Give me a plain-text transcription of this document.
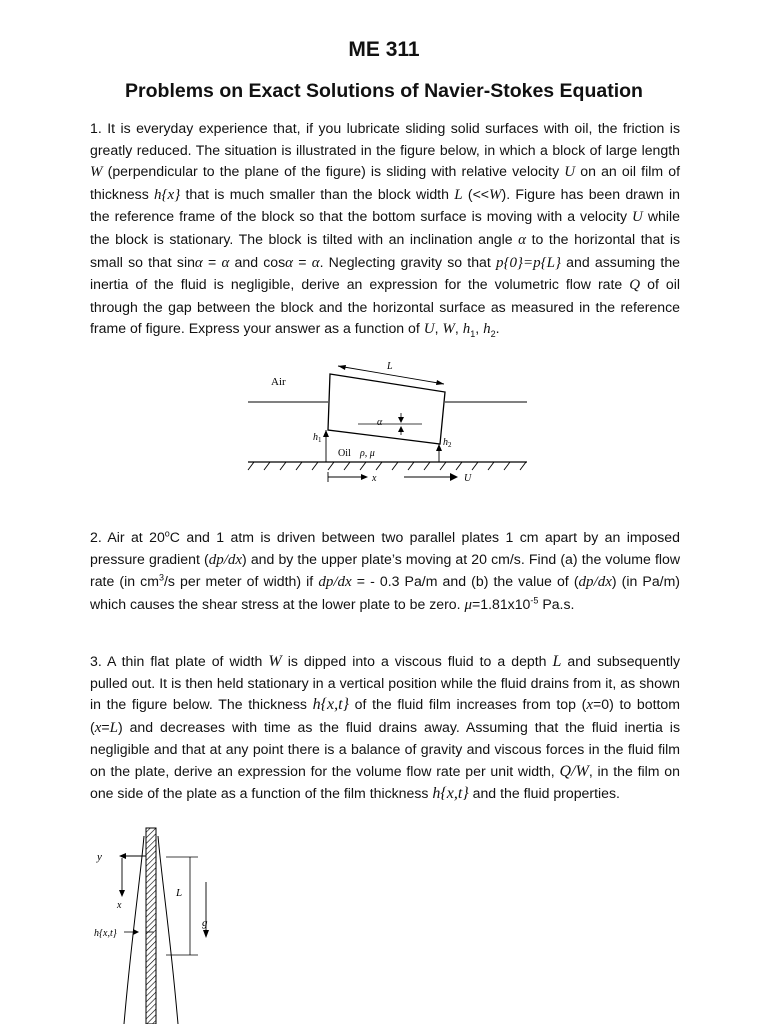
ME 311
Problems on Exact Solutions of Navier-Stokes Equation
1. It is everyday experience that, if you lubricate sliding solid surfaces with oil, the friction is greatly reduced. The situation is illustrated in the figure below, in which a block of large length W (perpendicular to the plane of the figure) is sliding with relative velocity U on an oil film of thickness h{x} that is much smaller than the block width L (<<W). Figure has been drawn in the reference frame of the block so that the bottom surface is moving with a velocity U while the block is stationary. The block is tilted with an inclination angle α to the horizontal that is small so that sinα = α and cosα = α. Neglecting gravity so that p{0}=p{L} and assuming the inertia of the fluid is negligible, derive an expression for the volumetric flow rate Q of oil through the gap between the block and the horizontal surface as measured in the reference frame of figure. Express your answer as a function of U, W, $h_1$, $h_2$.
Air
L
α
$h_1$	$h_2$
Oil ρ, μ
x	U
2. Air at 20$^o$C and 1 atm is driven between two parallel plates 1 cm apart by an imposed pressure gradient (dp/dx) and by the upper plate’s moving at 20 cm/s. Find (a) the volume flow rate (in $cm^3/s$ per meter of width) if dp/dx = - 0.3 Pa/m and (b) the value of (dp/dx) (in Pa/m) which causes the shear stress at the lower plate to be zero. $\mu=1.81x10^{-5}$ Pa.s.
3. A thin flat plate of width W is dipped into a viscous fluid to a depth L and subsequently pulled out. It is then held stationary in a vertical position while the fluid drains from it, as shown in the figure below. The thickness h{x,t} of the fluid film increases from top (x=0) to bottom (x=L) and decreases with time as the fluid drains away. Assuming that the fluid inertia is negligible and that at any point there is a balance of gravity and viscous forces in the fluid film on the plate, derive an expression for the volume flow rate per unit width, Q/W, in the film on one side of the plate as a function of the film thickness h{x,t} and the fluid properties.
y
x
L
g
h{x,t}
